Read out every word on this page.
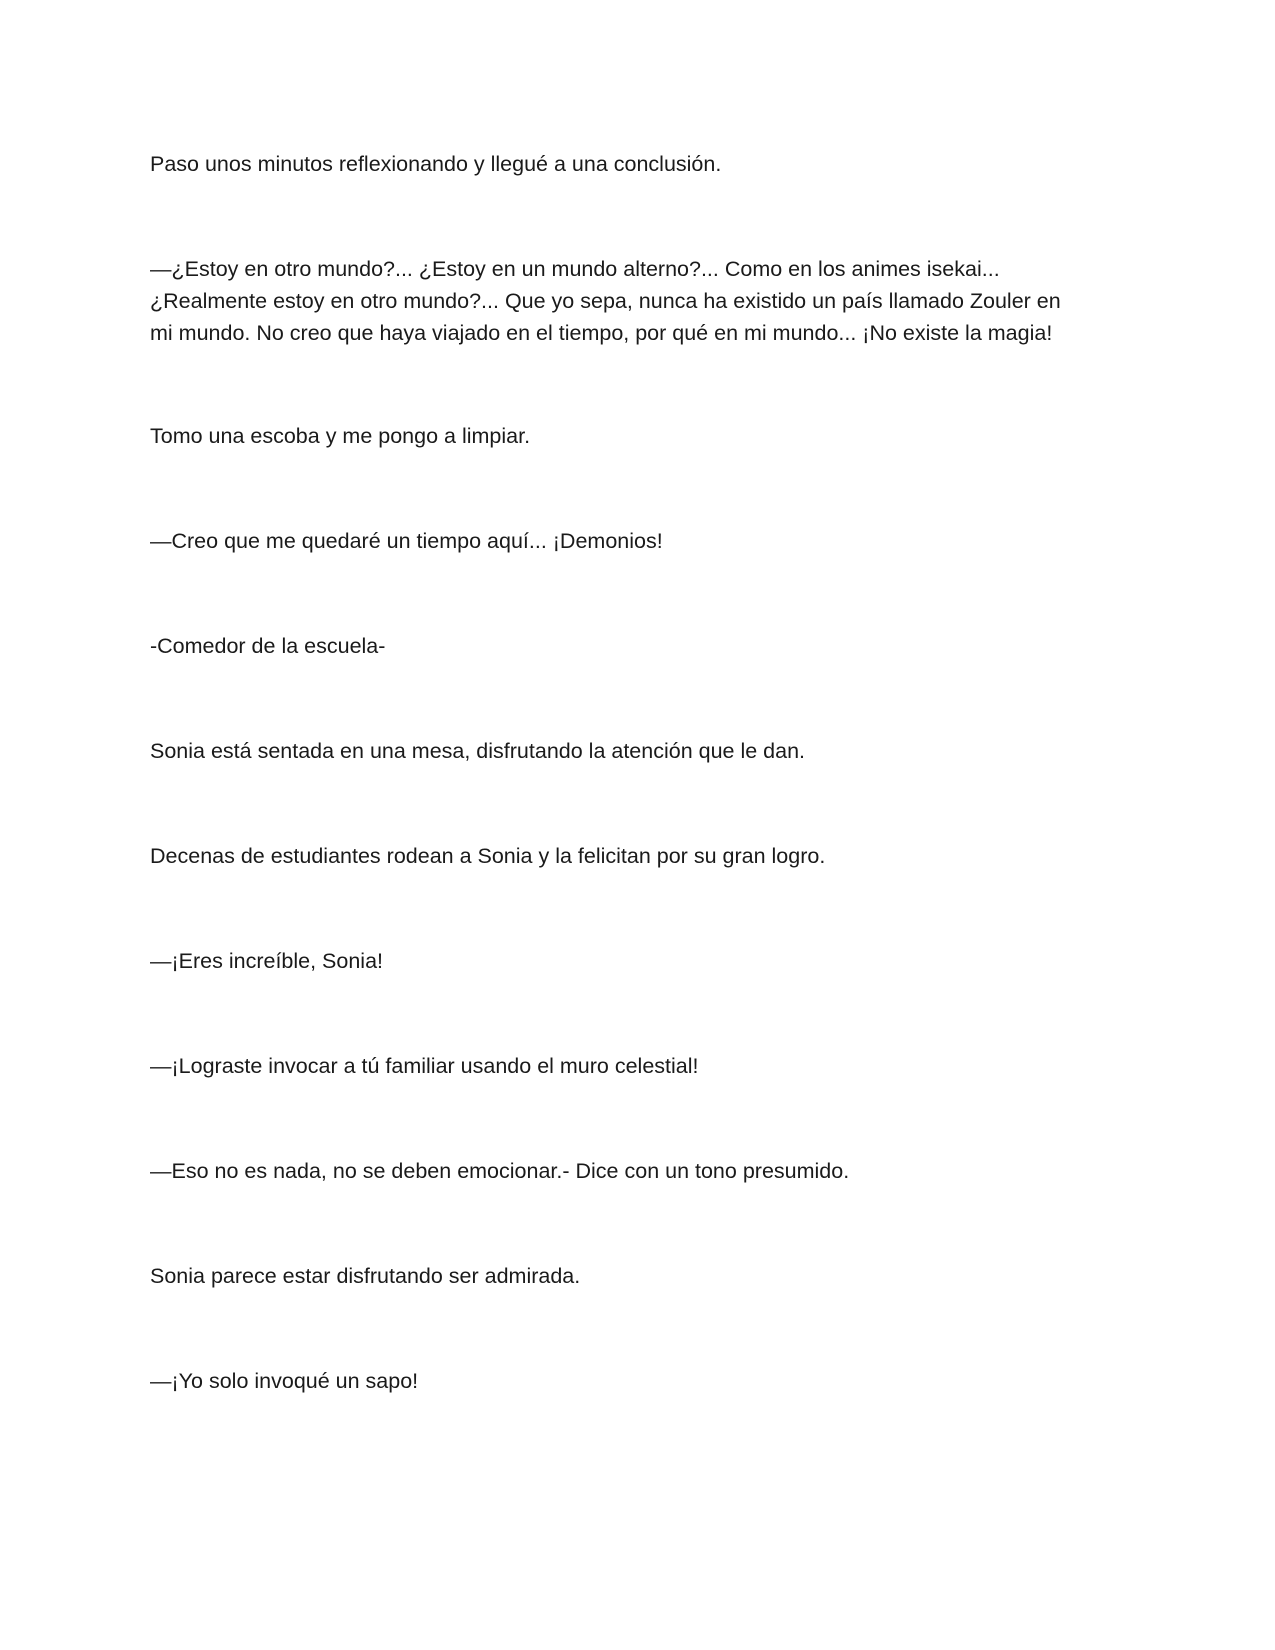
Paso unos minutos reflexionando y llegué a una conclusión.

—¿Estoy en otro mundo?... ¿Estoy en un mundo alterno?... Como en los animes isekai...
¿Realmente estoy en otro mundo?... Que yo sepa, nunca ha existido un país llamado Zouler en
mi mundo. No creo que haya viajado en el tiempo, por qué en mi mundo... ¡No existe la magia!

Tomo una escoba y me pongo a limpiar.

—Creo que me quedaré un tiempo aquí... ¡Demonios!

-Comedor de la escuela-

Sonia está sentada en una mesa, disfrutando la atención que le dan.

Decenas de estudiantes rodean a Sonia y la felicitan por su gran logro.

—¡Eres increíble, Sonia!

—¡Lograste invocar a tú familiar usando el muro celestial!

—Eso no es nada, no se deben emocionar.- Dice con un tono presumido.

Sonia parece estar disfrutando ser admirada.

—¡Yo solo invoqué un sapo!
